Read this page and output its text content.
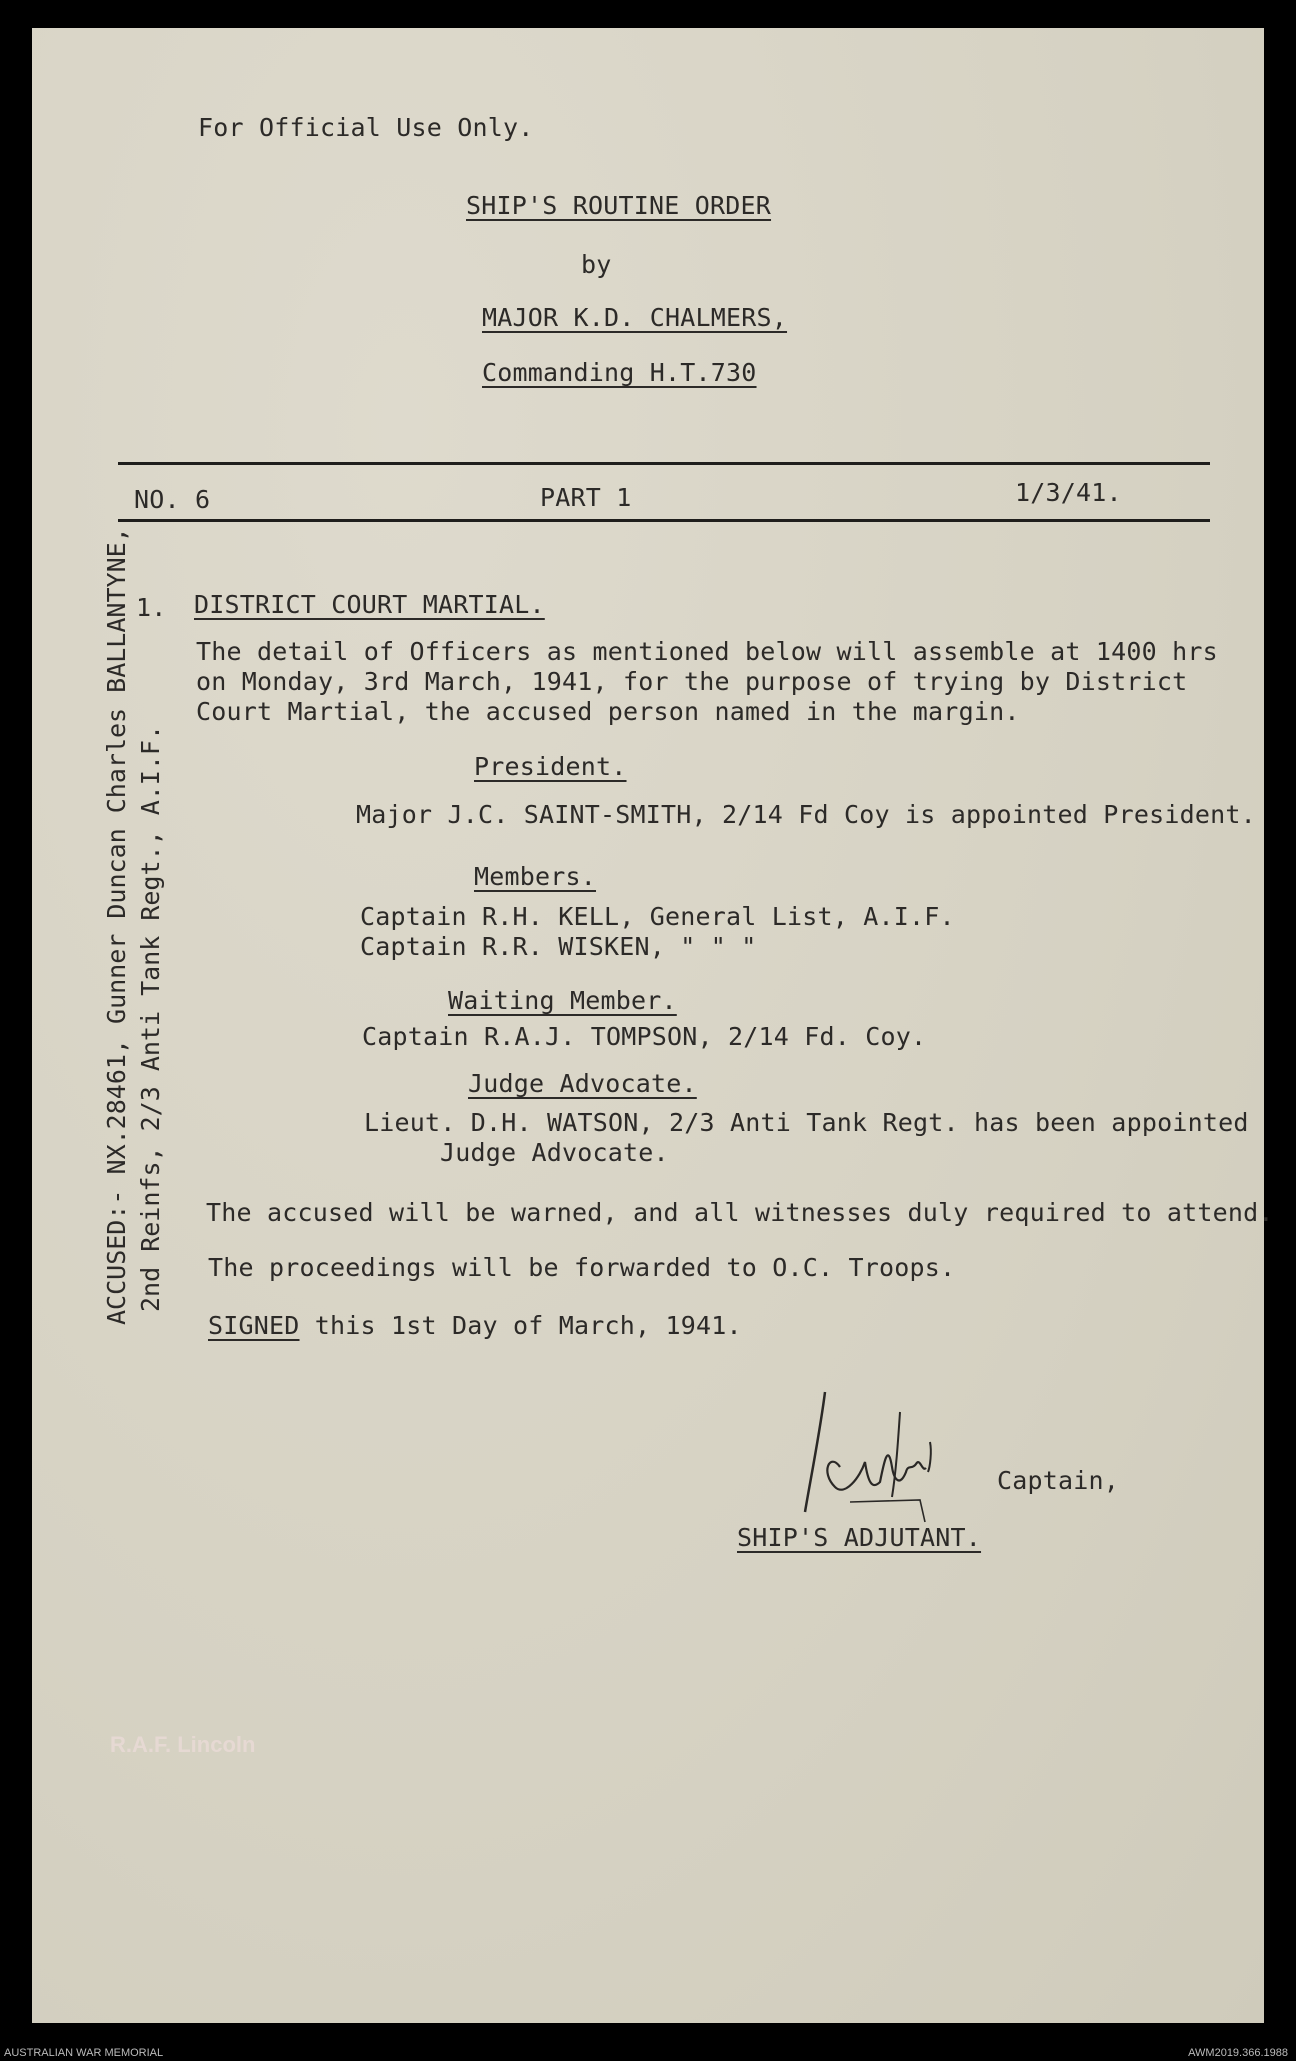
For Official Use Only.
SHIP'S ROUTINE ORDER
by
MAJOR K.D. CHALMERS,
Commanding H.T.730
NO. 6	PART 1	1/3/41.
ACCUSED:- NX.28461, Gunner Duncan Charles BALLANTYNE, 2nd Reinfs, 2/3 Anti Tank Regt., A.I.F.
1. DISTRICT COURT MARTIAL.
The detail of Officers as mentioned below will assemble at 1400 hrs
on Monday, 3rd March, 1941, for the purpose of trying by District
Court Martial, the accused person named in the margin.
President.
Major J.C. SAINT-SMITH, 2/14 Fd Coy is appointed President.
Members.
Captain R.H. KELL, General List, A.I.F.
Captain R.R. WISKEN, " " "
Waiting Member.
Captain R.A.J. TOMPSON, 2/14 Fd. Coy.
Judge Advocate.
Lieut. D.H. WATSON, 2/3 Anti Tank Regt. has been appointed
Judge Advocate.
The accused will be warned, and all witnesses duly required to attend.
The proceedings will be forwarded to O.C. Troops.
SIGNED this 1st Day of March, 1941.
Captain,
SHIP'S ADJUTANT.
R.A.F. Lincoln
AUSTRALIAN WAR MEMORIAL	AWM2019.366.1988
